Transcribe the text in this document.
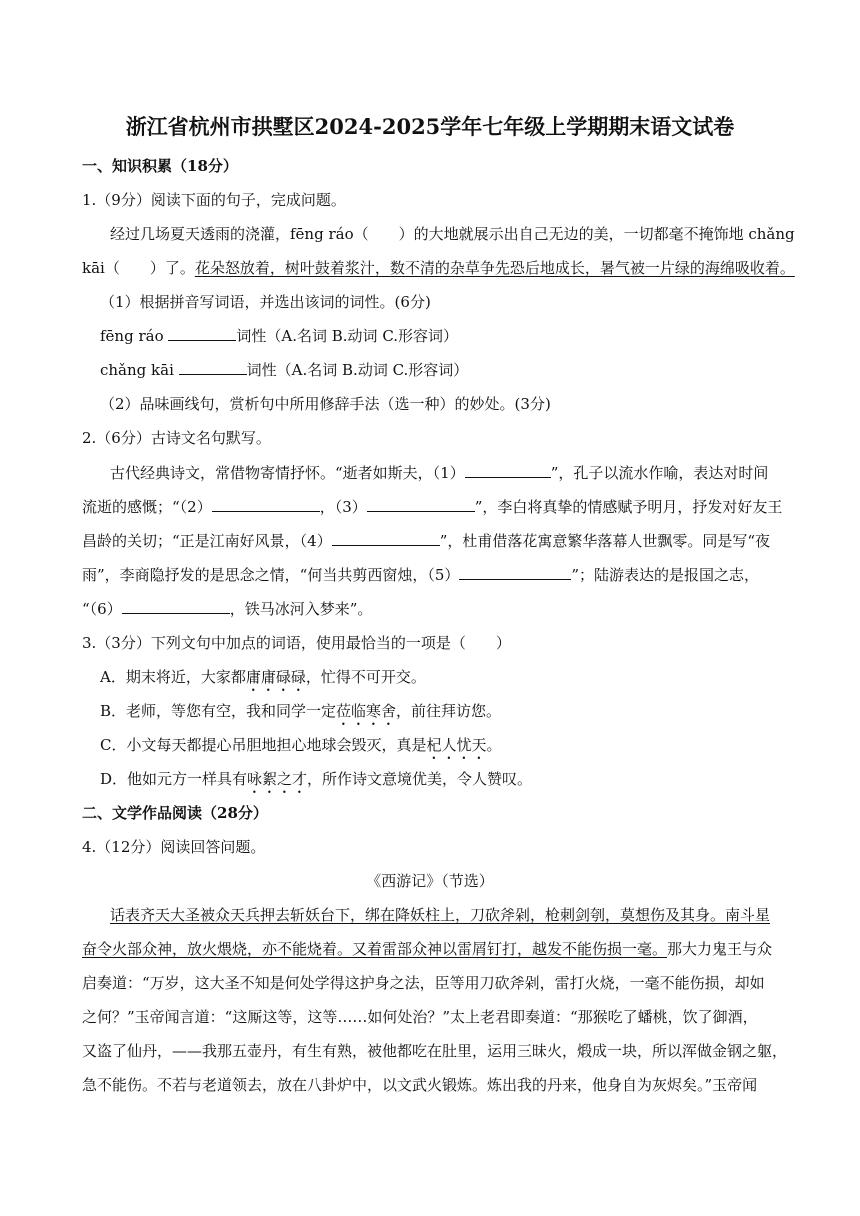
浙江省杭州市拱墅区2024-2025学年七年级上学期期末语文试卷
一、知识积累（18分）
1.（9分）阅读下面的句子，完成问题。
经过几场夏天透雨的浇灌，fēng ráo（　　）的大地就展示出自己无边的美，一切都毫不掩饰地 chǎng
kāi（　　）了。花朵怒放着，树叶鼓着浆汁，数不清的杂草争先恐后地成长，暑气被一片绿的海绵吸收着。
（1）根据拼音写词语，并选出该词的词性。(6分)
fēng ráo	词性（A.名词 B.动词 C.形容词）
chǎng kāi	词性（A.名词 B.动词 C.形容词）
（2）品味画线句，赏析句中所用修辞手法（选一种）的妙处。(3分)
2.（6分）古诗文名句默写。
古代经典诗文，常借物寄情抒怀。“逝者如斯夫，（1）	”，孔子以流水作喻，表达对时间
流逝的感慨；“（2）	，（3）	”，李白将真挚的情感赋予明月，抒发对好友王
昌龄的关切；“正是江南好风景，（4）	”，杜甫借落花寓意繁华落幕人世飘零。同是写“夜
雨”，李商隐抒发的是思念之情，“何当共剪西窗烛，（5）	”；陆游表达的是报国之志，
“（6）	，铁马冰河入梦来”。
3.（3分）下列文句中加点的词语，使用最恰当的一项是（　　）
A．期末将近，大家都庸庸碌碌，忙得不可开交。
B．老师，等您有空，我和同学一定莅临寒舍，前往拜访您。
C．小文每天都提心吊胆地担心地球会毁灭，真是杞人忧天。
D．他如元方一样具有咏絮之才，所作诗文意境优美，令人赞叹。
二、文学作品阅读（28分）
4.（12分）阅读回答问题。
《西游记》（节选）
话表齐天大圣被众天兵押去斩妖台下，绑在降妖柱上，刀砍斧剁，枪刺剑刳，莫想伤及其身。南斗星
奋令火部众神，放火煨烧，亦不能烧着。又着雷部众神以雷屑钉打，越发不能伤损一毫。那大力鬼王与众
启奏道：“万岁，这大圣不知是何处学得这护身之法，臣等用刀砍斧剁，雷打火烧，一毫不能伤损，却如
之何？”玉帝闻言道：“这厮这等，这等……如何处治？”太上老君即奏道：“那猴吃了蟠桃，饮了御酒，
又盗了仙丹，——我那五壶丹，有生有熟，被他都吃在肚里，运用三昧火，煅成一块，所以浑做金钢之躯，
急不能伤。不若与老道领去，放在八卦炉中，以文武火锻炼。炼出我的丹来，他身自为灰烬矣。”玉帝闻
